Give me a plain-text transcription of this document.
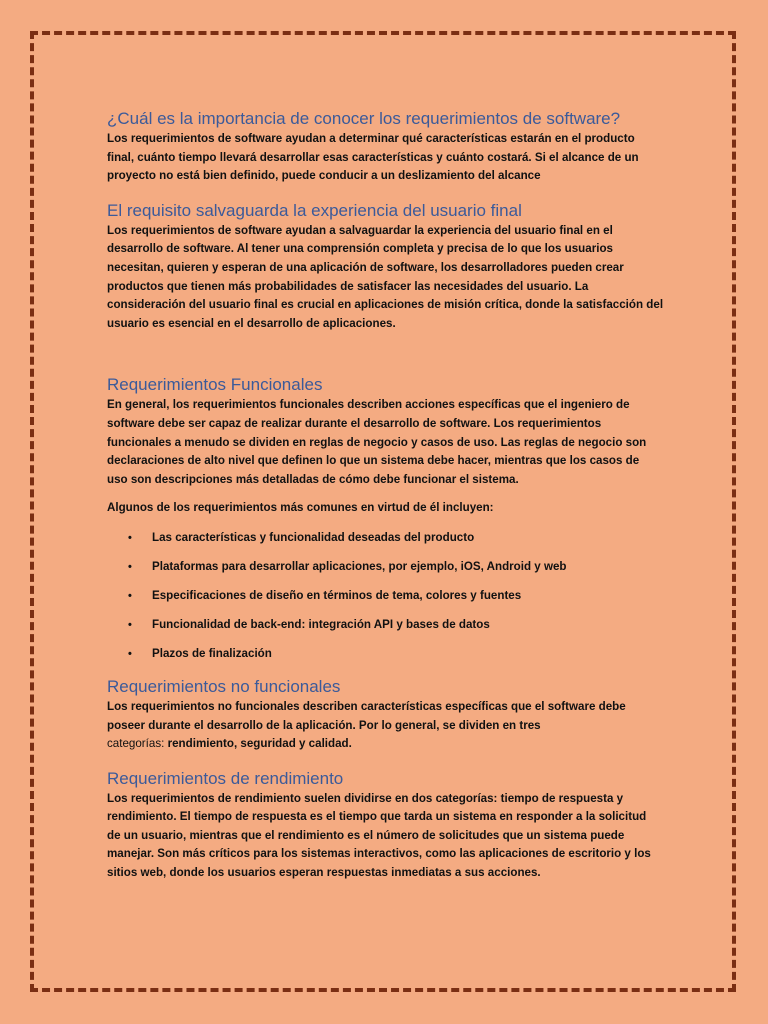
¿Cuál es la importancia de conocer los requerimientos de software?
Los requerimientos de software ayudan a determinar qué características estarán en el producto
final, cuánto tiempo llevará desarrollar esas características y cuánto costará. Si el alcance de un
proyecto no está bien definido, puede conducir a un deslizamiento del alcance
El requisito salvaguarda la experiencia del usuario final
Los requerimientos de software ayudan a salvaguardar la experiencia del usuario final en el
desarrollo de software. Al tener una comprensión completa y precisa de lo que los usuarios
necesitan, quieren y esperan de una aplicación de software, los desarrolladores pueden crear
productos que tienen más probabilidades de satisfacer las necesidades del usuario. La
consideración del usuario final es crucial en aplicaciones de misión crítica, donde la satisfacción del
usuario es esencial en el desarrollo de aplicaciones.
Requerimientos Funcionales
En general, los requerimientos funcionales describen acciones específicas que el ingeniero de
software debe ser capaz de realizar durante el desarrollo de software. Los requerimientos
funcionales a menudo se dividen en reglas de negocio y casos de uso. Las reglas de negocio son
declaraciones de alto nivel que definen lo que un sistema debe hacer, mientras que los casos de
uso son descripciones más detalladas de cómo debe funcionar el sistema.
Algunos de los requerimientos más comunes en virtud de él incluyen:
• Las características y funcionalidad deseadas del producto
• Plataformas para desarrollar aplicaciones, por ejemplo, iOS, Android y web
• Especificaciones de diseño en términos de tema, colores y fuentes
• Funcionalidad de back-end: integración API y bases de datos
• Plazos de finalización
Requerimientos no funcionales
Los requerimientos no funcionales describen características específicas que el software debe
poseer durante el desarrollo de la aplicación. Por lo general, se dividen en tres
categorías: rendimiento, seguridad y calidad.
Requerimientos de rendimiento
Los requerimientos de rendimiento suelen dividirse en dos categorías: tiempo de respuesta y
rendimiento. El tiempo de respuesta es el tiempo que tarda un sistema en responder a la solicitud
de un usuario, mientras que el rendimiento es el número de solicitudes que un sistema puede
manejar. Son más críticos para los sistemas interactivos, como las aplicaciones de escritorio y los
sitios web, donde los usuarios esperan respuestas inmediatas a sus acciones.
